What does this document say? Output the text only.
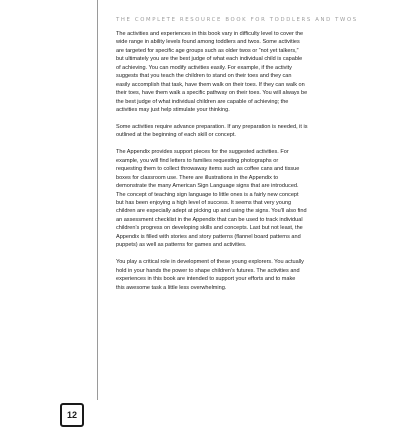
THE COMPLETE RESOURCE BOOK FOR TODDLERS AND TWOS

The activities and experiences in this book vary in difficulty level to cover the
wide range in ability levels found among toddlers and twos. Some activities
are targeted for specific age groups such as older twos or “not yet talkers,”
but ultimately you are the best judge of what each individual child is capable
of achieving. You can modify activities easily. For example, if the activity
suggests that you teach the children to stand on their toes and they can
easily accomplish that task, have them walk on their toes. If they can walk on
their toes, have them walk a specific pathway on their toes. You will always be
the best judge of what individual children are capable of achieving; the
activities may just help stimulate your thinking.

Some activities require advance preparation. If any preparation is needed, it is
outlined at the beginning of each skill or concept.

The Appendix provides support pieces for the suggested activities. For
example, you will find letters to families requesting photographs or
requesting them to collect throwaway items such as coffee cans and tissue
boxes for classroom use. There are illustrations in the Appendix to
demonstrate the many American Sign Language signs that are introduced.
The concept of teaching sign language to little ones is a fairly new concept
but has been enjoying a high level of success. It seems that very young
children are especially adept at picking up and using the signs. You’ll also find
an assessment checklist in the Appendix that can be used to track individual
children’s progress on developing skills and concepts. Last but not least, the
Appendix is filled with stories and story patterns (flannel board patterns and
puppets) as well as patterns for games and activities.

You play a critical role in development of these young explorers. You actually
hold in your hands the power to shape children’s futures. The activities and
experiences in this book are intended to support your efforts and to make
this awesome task a little less overwhelming.

12
